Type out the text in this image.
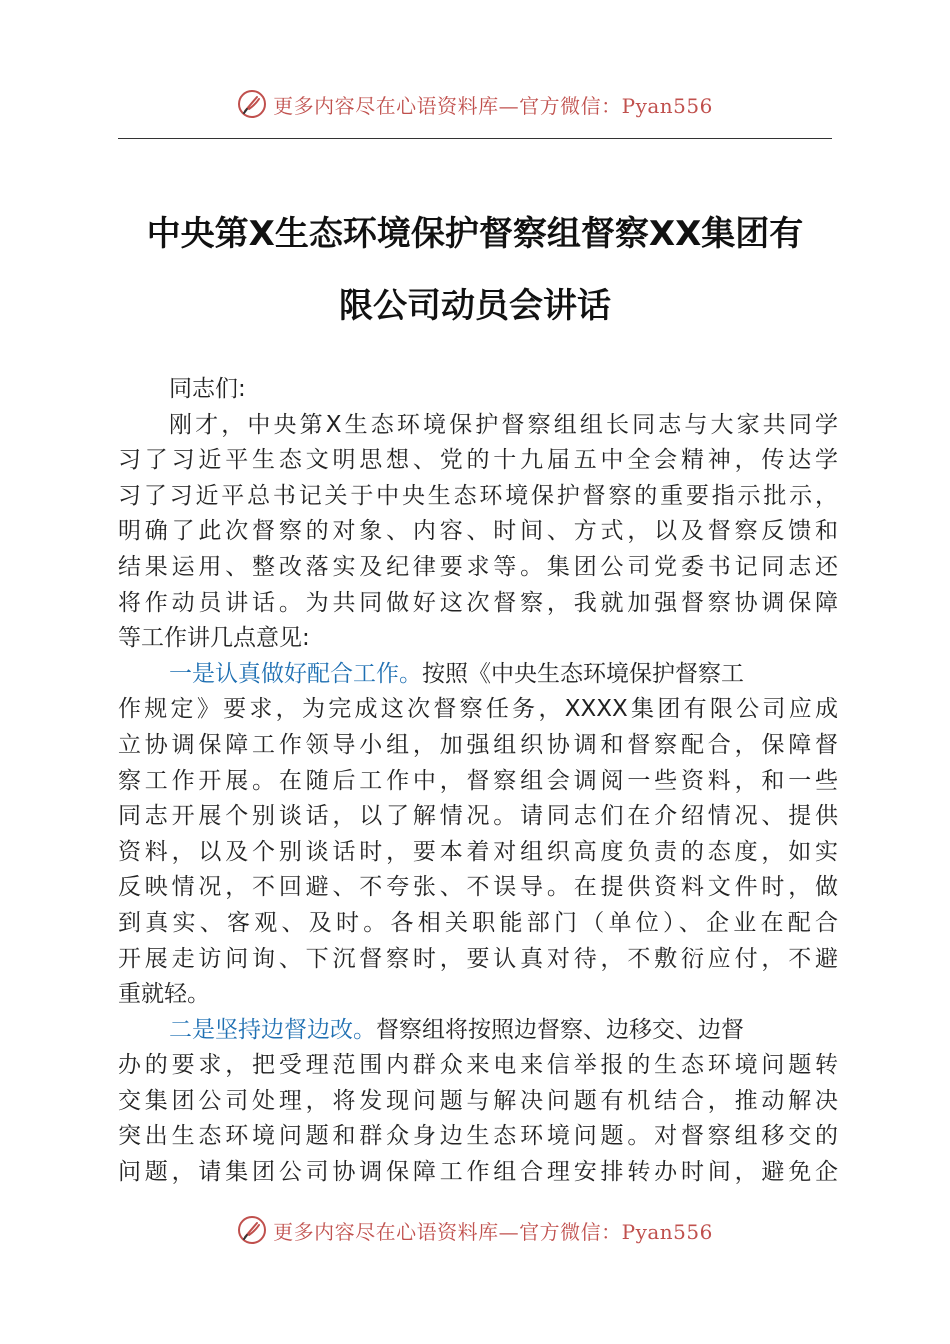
更多内容尽在心语资料库—官方微信：Pyan556
中央第X生态环境保护督察组督察XX集团有
限公司动员会讲话
同志们:
刚才，中央第X生态环境保护督察组组长同志与大家共同学
习了习近平生态文明思想、党的十九届五中全会精神，传达学
习了习近平总书记关于中央生态环境保护督察的重要指示批示，
明确了此次督察的对象、内容、时间、方式，以及督察反馈和
结果运用、整改落实及纪律要求等。集团公司党委书记同志还
将作动员讲话。为共同做好这次督察，我就加强督察协调保障
等工作讲几点意见:
一是认真做好配合工作。按照《中央生态环境保护督察工
作规定》要求，为完成这次督察任务，XXXX集团有限公司应成
立协调保障工作领导小组，加强组织协调和督察配合，保障督
察工作开展。在随后工作中，督察组会调阅一些资料，和一些
同志开展个别谈话，以了解情况。请同志们在介绍情况、提供
资料，以及个别谈话时，要本着对组织高度负责的态度，如实
反映情况，不回避、不夸张、不误导。在提供资料文件时，做
到真实、客观、及时。各相关职能部门（单位）、企业在配合
开展走访问询、下沉督察时，要认真对待，不敷衍应付，不避
重就轻。
二是坚持边督边改。督察组将按照边督察、边移交、边督
办的要求，把受理范围内群众来电来信举报的生态环境问题转
交集团公司处理，将发现问题与解决问题有机结合，推动解决
突出生态环境问题和群众身边生态环境问题。对督察组移交的
问题，请集团公司协调保障工作组合理安排转办时间，避免企
更多内容尽在心语资料库—官方微信：Pyan556
